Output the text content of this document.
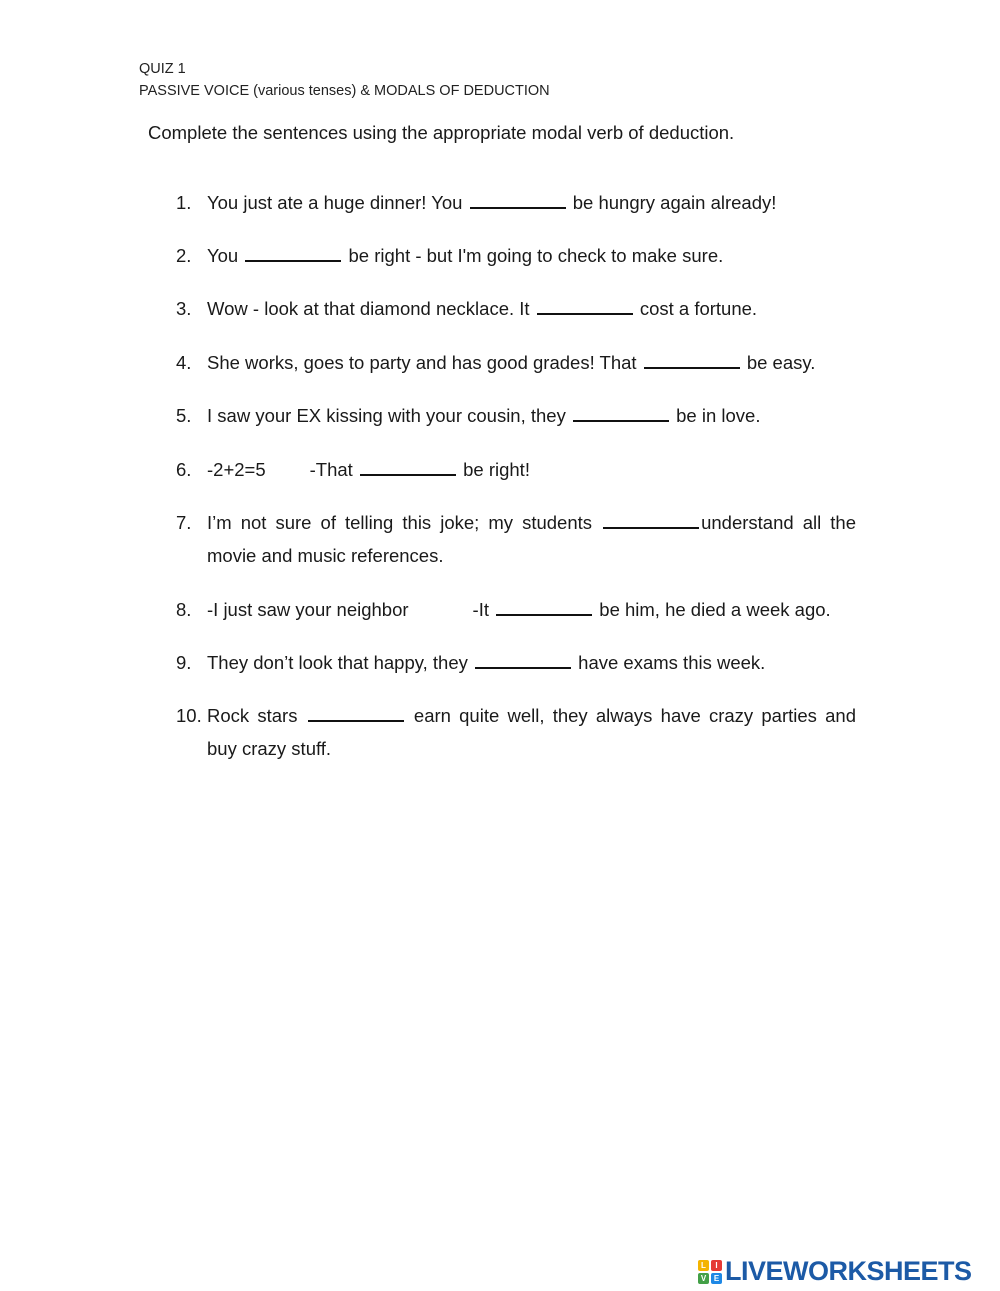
QUIZ 1
PASSIVE VOICE (various tenses) & MODALS OF DEDUCTION
Complete the sentences using the appropriate modal verb of deduction.
1. You just ate a huge dinner! You	be hungry again already!
2. You	be right - but I'm going to check to make sure.
3. Wow - look at that diamond necklace. It	cost a fortune.
4. She works, goes to party and has good grades! That	be easy.
5. I saw your EX kissing with your cousin, they	be in love.
6. -2+2=5 -That	be right!
7. I’m not sure of telling this joke; my students	understand all the movie and music references.
8. -I just saw your neighbor	-It	be him, he died a week ago.
9. They don’t look that happy, they	have exams this week.
10. Rock stars	earn quite well, they always have crazy parties and buy crazy stuff.
L	I
V E LIVEWORKSHEETS
